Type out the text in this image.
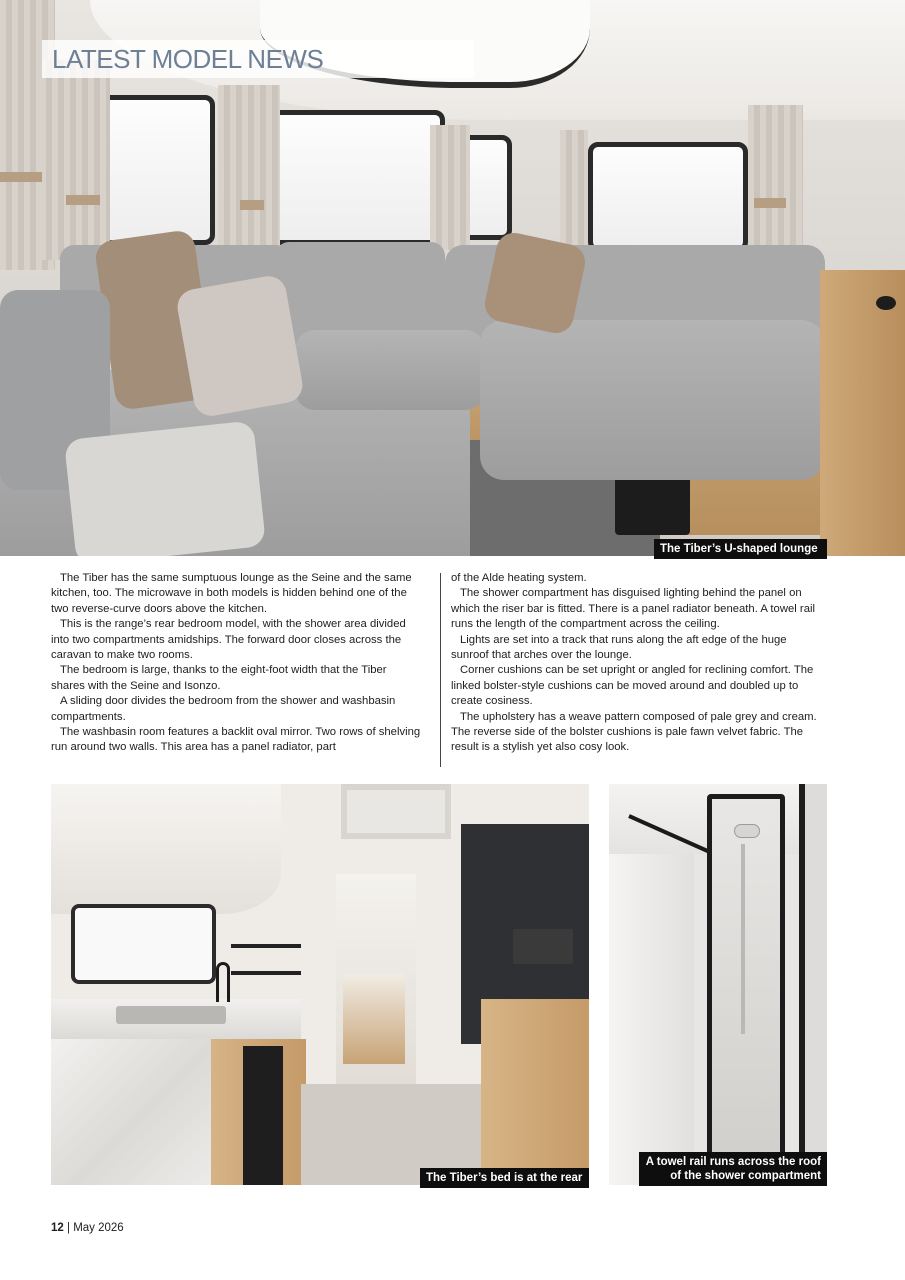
LATEST MODEL NEWS
The Tiber’s U-shaped lounge

The Tiber has the same sumptuous lounge as the Seine and the same kitchen, too. The microwave in both models is hidden behind one of the two reverse-curve doors above the kitchen.

This is the range’s rear bedroom model, with the shower area divided into two compartments amidships. The forward door closes across the caravan to make two rooms.

The bedroom is large, thanks to the eight-foot width that the Tiber shares with the Seine and Isonzo.

A sliding door divides the bedroom from the shower and washbasin compartments.

The washbasin room features a backlit oval mirror. Two rows of shelving run around two walls. This area has a panel radiator, part

of the Alde heating system.

The shower compartment has disguised lighting behind the panel on which the riser bar is fitted. There is a panel radiator beneath. A towel rail runs the length of the compartment across the ceiling.

Lights are set into a track that runs along the aft edge of the huge sunroof that arches over the lounge.

Corner cushions can be set upright or angled for reclining comfort. The linked bolster-style cushions can be moved around and doubled up to create cosiness.

The upholstery has a weave pattern composed of pale grey and cream. The reverse side of the bolster cushions is pale fawn velvet fabric. The result is a stylish yet also cosy look.

The Tiber’s bed is at the rear
A towel rail runs across the roof
of the shower compartment
12 | May 2026
